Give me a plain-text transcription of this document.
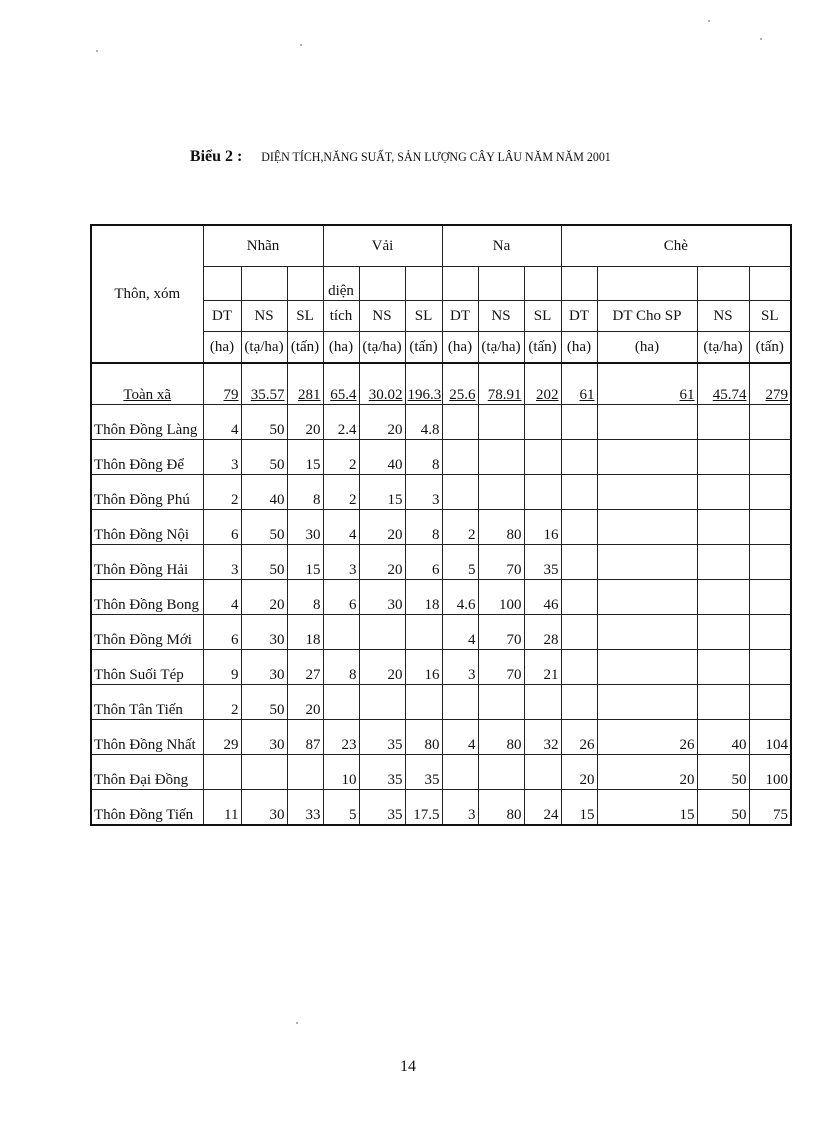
Biểu 2 : DIỆN TÍCH,NĂNG SUẤT, SẢN LƯỢNG CÂY LÂU NĂM NĂM 2001
Thôn, xóm	Nhãn			Vải			Na			Chè			
				diện									
	DT	NS	SL	tích	NS	SL	DT	NS	SL	DT	DT Cho SP	NS	SL
	(ha)	(tạ/ha)	(tấn)	(ha)	(tạ/ha)	(tấn)	(ha)	(tạ/ha)	(tấn)	(ha)	(ha)	(tạ/ha)	(tấn)
Toàn xã	79	35.57	281	65.4	30.02	196.3	25.6	78.91	202	61	61	45.74	279
Thôn Đồng Làng	4	50	20	2.4	20	4.8							
Thôn Đồng Để	3	50	15	2	40	8							
Thôn Đồng Phú	2	40	8	2	15	3							
Thôn Đồng Nội	6	50	30	4	20	8	2	80	16				
Thôn Đồng Hải	3	50	15	3	20	6	5	70	35				
Thôn Đồng Bong	4	20	8	6	30	18	4.6	100	46				
Thôn Đồng Mới	6	30	18				4	70	28				
Thôn Suối Tép	9	30	27	8	20	16	3	70	21				
Thôn Tân Tiến	2	50	20										
Thôn Đồng Nhất	29	30	87	23	35	80	4	80	32	26	26	40	104
Thôn Đại Đồng				10	35	35				20	20	50	100
Thôn Đồng Tiến	11	30	33	5	35	17.5	3	80	24	15	15	50	75
14
